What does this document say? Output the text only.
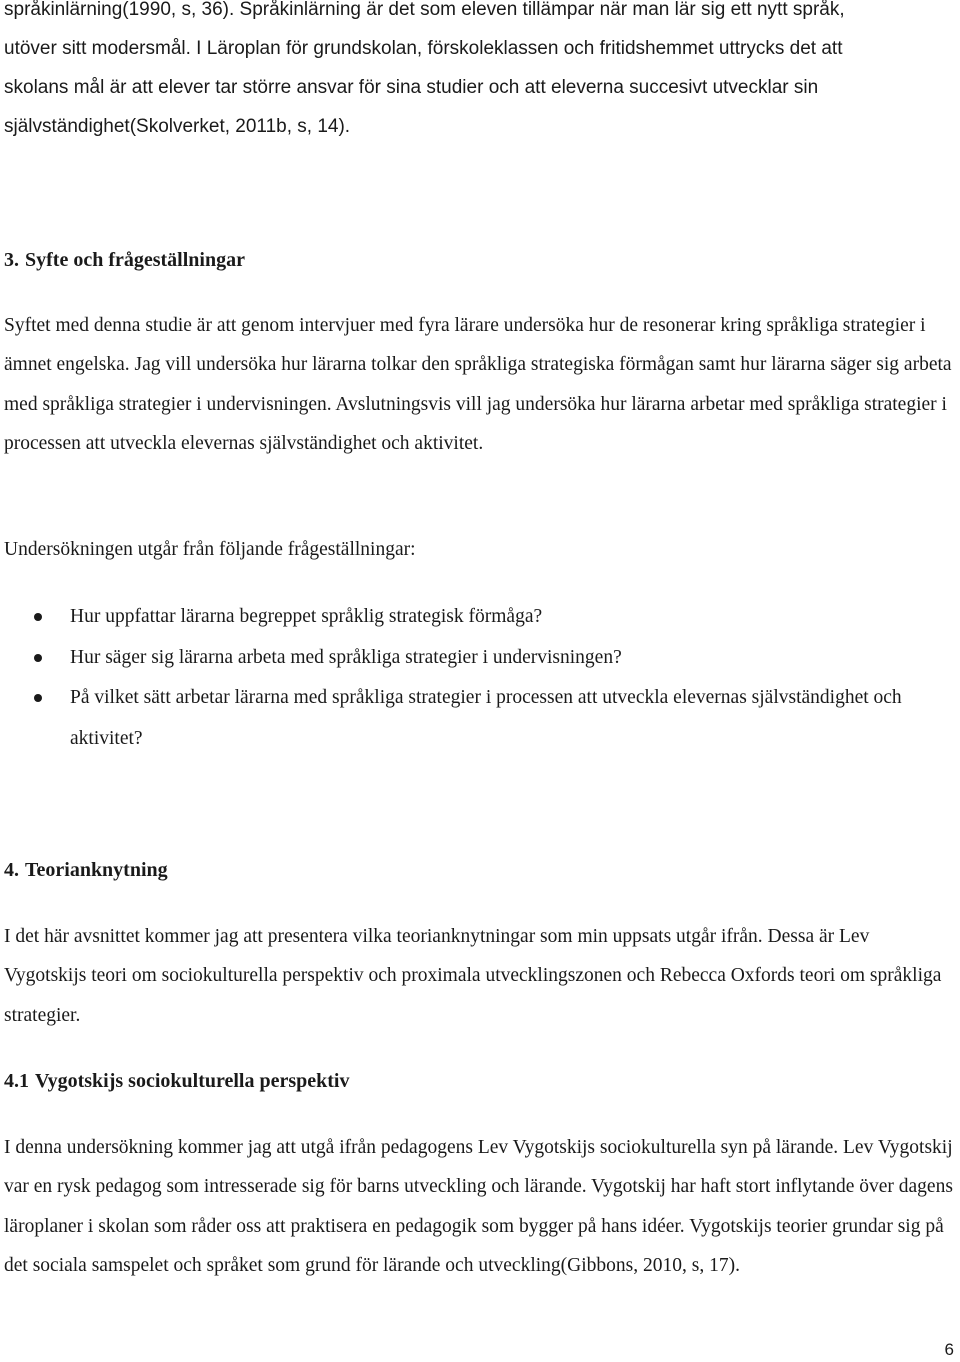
språkinlärning(1990, s, 36). Språkinlärning är det som eleven tillämpar när man lär sig ett nytt språk,

utöver sitt modersmål. I Läroplan för grundskolan, förskoleklassen och fritidshemmet uttrycks det att

skolans mål är att elever tar större ansvar för sina studier och att eleverna succesivt utvecklar sin

självständighet(Skolverket, 2011b, s, 14).

3. Syfte och frågeställningar

Syftet med denna studie är att genom intervjuer med fyra lärare undersöka hur de resonerar kring språkliga strategier i ämnet engelska. Jag vill undersöka hur lärarna tolkar den språkliga strategiska förmågan samt hur lärarna säger sig arbeta med språkliga strategier i undervisningen. Avslutningsvis vill jag undersöka hur lärarna arbetar med språkliga strategier i processen att utveckla elevernas självständighet och aktivitet.

Undersökningen utgår från följande frågeställningar:

Hur uppfattar lärarna begreppet språklig strategisk förmåga?
Hur säger sig lärarna arbeta med språkliga strategier i undervisningen?
På vilket sätt arbetar lärarna med språkliga strategier i processen att utveckla elevernas självständighet och aktivitet?
4. Teorianknytning

I det här avsnittet kommer jag att presentera vilka teorianknytningar som min uppsats utgår ifrån. Dessa är Lev Vygotskijs teori om sociokulturella perspektiv och proximala utvecklingszonen och Rebecca Oxfords teori om språkliga strategier.

4.1 Vygotskijs sociokulturella perspektiv

I denna undersökning kommer jag att utgå ifrån pedagogens Lev Vygotskijs sociokulturella syn på lärande. Lev Vygotskij var en rysk pedagog som intresserade sig för barns utveckling och lärande. Vygotskij har haft stort inflytande över dagens läroplaner i skolan som råder oss att praktisera en pedagogik som bygger på hans idéer. Vygotskijs teorier grundar sig på det sociala samspelet och språket som grund för lärande och utveckling(Gibbons, 2010, s, 17).

6
